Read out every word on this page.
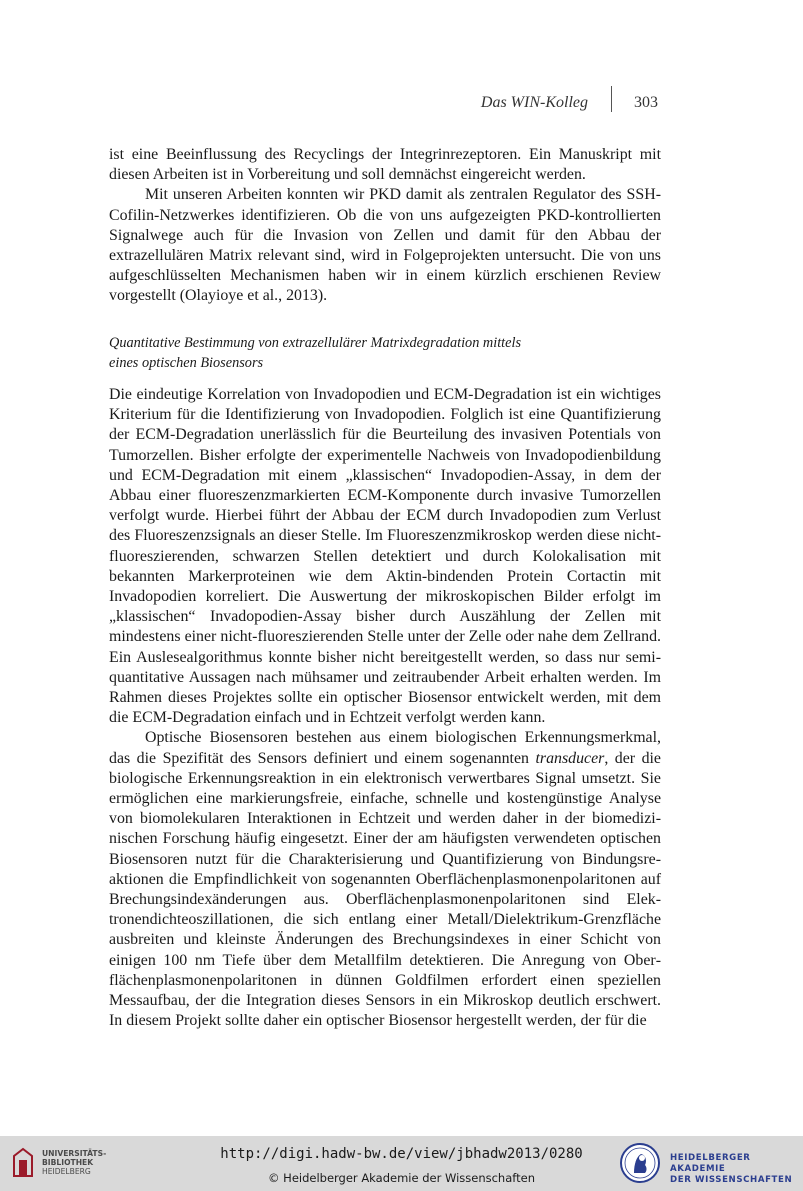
Das WIN-Kolleg	303

ist eine Beeinflussung des Recyclings der Integrinrezeptoren. Ein Manuskript mit diesen Arbeiten ist in Vorbereitung und soll demnächst eingereicht werden.

Mit unseren Arbeiten konnten wir PKD damit als zentralen Regulator des SSH-Cofilin-Netzwerkes identifizieren. Ob die von uns aufgezeigten PKD-kontrollierten Signalwege auch für die Invasion von Zellen und damit für den Abbau der extrazellulären Matrix relevant sind, wird in Folgeprojekten untersucht. Die von uns aufgeschlüsselten Mechanismen haben wir in einem kürzlich erschienen Review vorgestellt (Olayioye et al., 2013).

Quantitative Bestimmung von extrazellulärer Matrixdegradation mittels
eines optischen Biosensors

Die eindeutige Korrelation von Invadopodien und ECM-Degradation ist ein wichtiges Kriterium für die Identifizierung von Invadopodien. Folglich ist eine Quantifizierung der ECM-Degradation unerlässlich für die Beurteilung des invasiven Potentials von Tumorzellen. Bisher erfolgte der experimentelle Nachweis von Invadopodienbildung und ECM-Degradation mit einem „klassischen“ Invadopodien-Assay, in dem der Abbau einer fluoreszenzmarkierten ECM-Komponente durch invasive Tumorzellen verfolgt wurde. Hierbei führt der Abbau der ECM durch Invadopodien zum Verlust des Fluoreszenzsignals an dieser Stelle. Im Fluoreszenzmikroskop werden diese nicht-fluoreszierenden, schwarzen Stellen detektiert und durch Kolokalisation mit bekannten Markerproteinen wie dem Aktin-bindenden Protein Cortactin mit Invadopodien korreliert. Die Auswertung der mikroskopischen Bilder erfolgt im „klassischen“ Invadopodien-Assay bisher durch Auszählung der Zellen mit mindestens einer nicht-fluoreszierenden Stelle unter der Zelle oder nahe dem Zellrand. Ein Auslesealgorithmus konnte bisher nicht bereitgestellt werden, so dass nur semi-quantitative Aussagen nach mühsamer und zeitraubender Arbeit erhalten werden. Im Rahmen dieses Projektes sollte ein optischer Biosensor entwickelt werden, mit dem die ECM-Degradation einfach und in Echtzeit verfolgt werden kann.

Optische Biosensoren bestehen aus einem biologischen Erkennungsmerkmal, das die Spezifität des Sensors definiert und einem sogenannten transducer, der die biologische Erkennungsreaktion in ein elektronisch verwertbares Signal umsetzt. Sie ermöglichen eine markierungsfreie, einfache, schnelle und kostengünstige Analyse von biomolekularen Interaktionen in Echtzeit und werden daher in der biomedizinischen Forschung häufig eingesetzt. Einer der am häufigsten verwendeten optischen Biosensoren nutzt für die Charakterisierung und Quantifizierung von Bindungsreaktionen die Empfindlichkeit von sogenannten Oberflächenplasmonenpolaritonen auf Brechungsindexänderungen aus. Oberflächenplasmonenpolaritonen sind Elektronendichteoszillationen, die sich entlang einer Metall/Dielektrikum-Grenzfläche ausbreiten und kleinste Änderungen des Brechungsindexes in einer Schicht von einigen 100 nm Tiefe über dem Metallfilm detektieren. Die Anregung von Oberflächenplasmonenpolaritonen in dünnen Goldfilmen erfordert einen speziellen Messaufbau, der die Integration dieses Sensors in ein Mikroskop deutlich erschwert. In diesem Projekt sollte daher ein optischer Biosensor hergestellt werden, der für die

UNIVERSITÄTS-
BIBLIOTHEK
HEIDELBERG
http://digi.hadw-bw.de/view/jbhadw2013/0280
© Heidelberger Akademie der Wissenschaften
HEIDELBERGER AKADEMIE
DER WISSENSCHAFTEN
